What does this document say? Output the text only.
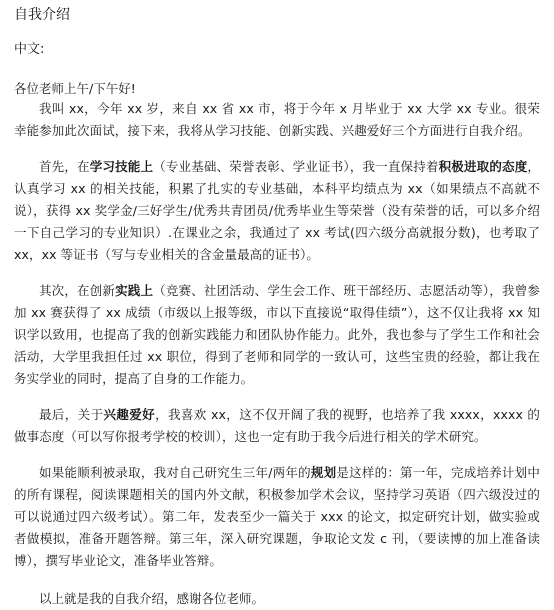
自我介绍
中文:
各位老师上午/下午好!

我叫 xx，今年 xx 岁，来自 xx 省 xx 市，将于今年 x 月毕业于 xx 大学 xx 专业。很荣幸能参加此次面试，接下来，我将从学习技能、创新实践、兴趣爱好三个方面进行自我介绍。

首先，在学习技能上（专业基础、荣誉表彰、学业证书），我一直保持着积极进取的态度，认真学习 xx 的相关技能，积累了扎实的专业基础，本科平均绩点为 xx（如果绩点不高就不说），获得 xx 奖学金/三好学生/优秀共青团员/优秀毕业生等荣誉（没有荣誉的话，可以多介绍一下自己学习的专业知识）.在课业之余，我通过了 xx 考试(四六级分高就报分数)，也考取了 xx，xx 等证书（写与专业相关的含金量最高的证书）。

其次，在创新实践上（竞赛、社团活动、学生会工作、班干部经历、志愿活动等），我曾参加 xx 赛获得了 xx 成绩（市级以上报等级，市以下直接说“取得佳绩”），这不仅让我将 xx 知识学以致用，也提高了我的创新实践能力和团队协作能力。此外，我也参与了学生工作和社会活动，大学里我担任过 xx 职位，得到了老师和同学的一致认可，这些宝贵的经验，都让我在务实学业的同时，提高了自身的工作能力。

最后，关于兴趣爱好，我喜欢 xx，这不仅开阔了我的视野，也培养了我 xxxx，xxxx 的做事态度（可以写你报考学校的校训），这也一定有助于我今后进行相关的学术研究。

如果能顺利被录取，我对自己研究生三年/两年的规划是这样的：第一年，完成培养计划中的所有课程，阅读课题相关的国内外文献，积极参加学术会议，坚持学习英语（四六级没过的可以说通过四六级考试）。第二年，发表至少一篇关于 xxx 的论文，拟定研究计划，做实验或者做模拟，准备开题答辩。第三年，深入研究课题，争取论文发 c 刊，（要读博的加上准备读博），撰写毕业论文，准备毕业答辩。

以上就是我的自我介绍，感谢各位老师。
